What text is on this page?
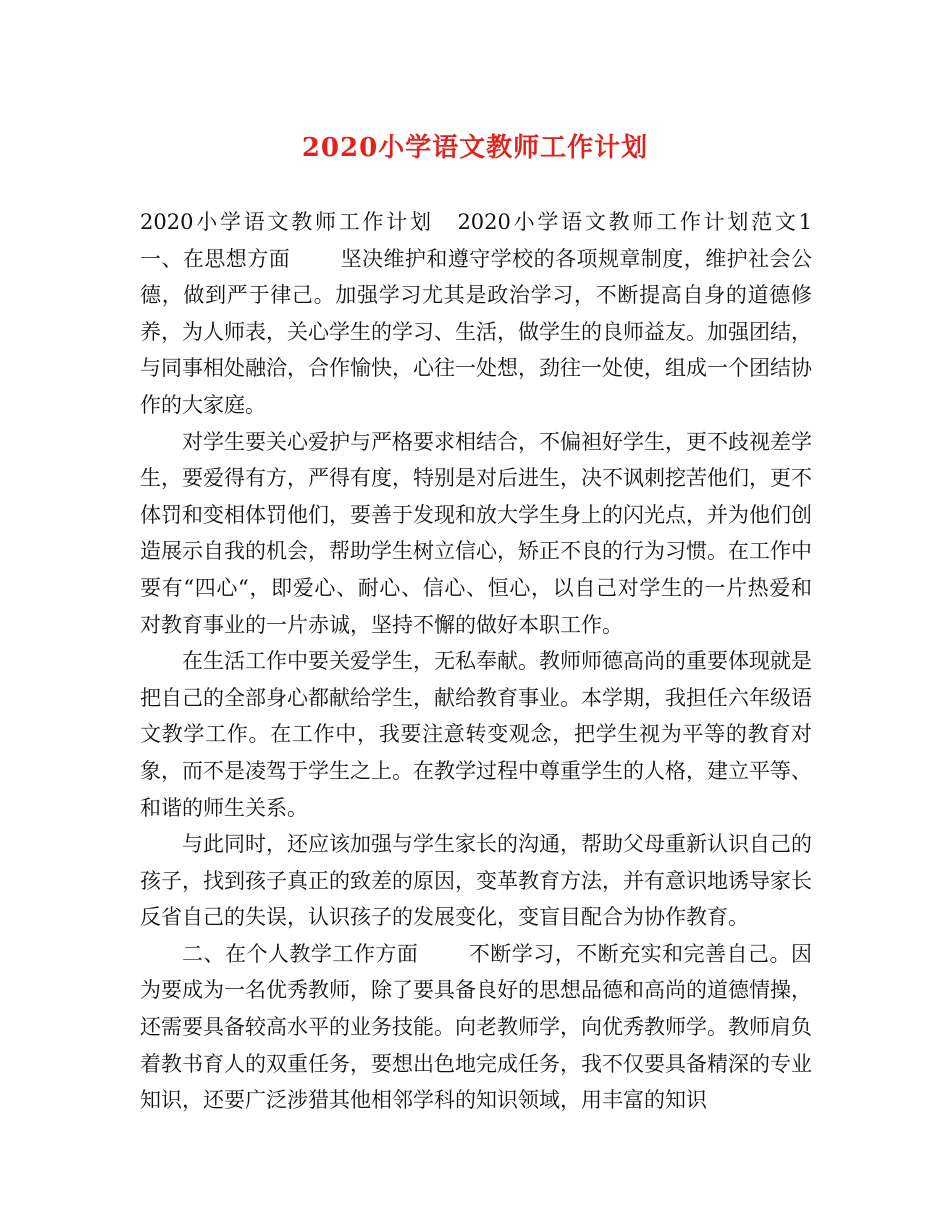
2020小学语文教师工作计划

2020小学语文教师工作计划　2020小学语文教师工作计划范文1　　一、在思想方面 坚决维护和遵守学校的各项规章制度，维护社会公德，做到严于律己。加强学习尤其是政治学习，不断提高自身的道德修养，为人师表，关心学生的学习、生活，做学生的良师益友。加强团结，与同事相处融洽，合作愉快，心往一处想，劲往一处使，组成一个团结协作的大家庭。

对学生要关心爱护与严格要求相结合，不偏袒好学生，更不歧视差学生，要爱得有方，严得有度，特别是对后进生，决不讽刺挖苦他们，更不体罚和变相体罚他们，要善于发现和放大学生身上的闪光点，并为他们创造展示自我的机会，帮助学生树立信心，矫正不良的行为习惯。在工作中要有“四心“，即爱心、耐心、信心、恒心，以自己对学生的一片热爱和对教育事业的一片赤诚，坚持不懈的做好本职工作。

在生活工作中要关爱学生，无私奉献。教师师德高尚的重要体现就是把自己的全部身心都献给学生，献给教育事业。本学期，我担任六年级语文教学工作。在工作中，我要注意转变观念，把学生视为平等的教育对象，而不是凌驾于学生之上。在教学过程中尊重学生的人格，建立平等、和谐的师生关系。

与此同时，还应该加强与学生家长的沟通，帮助父母重新认识自己的孩子，找到孩子真正的致差的原因，变革教育方法，并有意识地诱导家长反省自己的失误，认识孩子的发展变化，变盲目配合为协作教育。

二、在个人教学工作方面 不断学习，不断充实和完善自己。因为要成为一名优秀教师，除了要具备良好的思想品德和高尚的道德情操，还需要具备较高水平的业务技能。向老教师学，向优秀教师学。教师肩负着教书育人的双重任务，要想出色地完成任务，我不仅要具备精深的专业知识，还要广泛涉猎其他相邻学科的知识领域，用丰富的知识
